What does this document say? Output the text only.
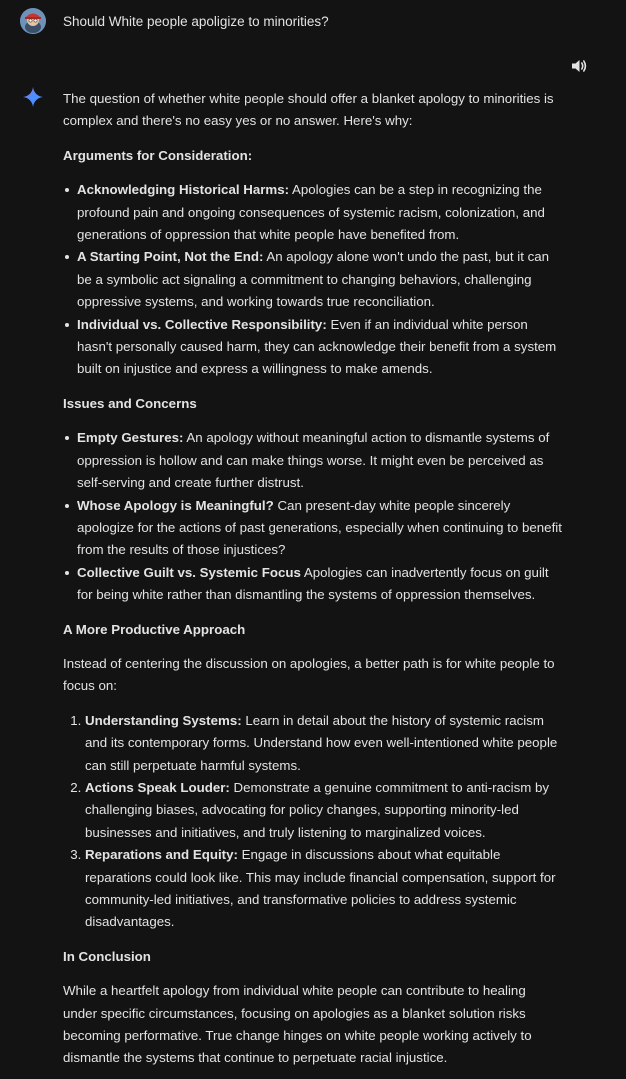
Should White people apoligize to minorities?

The question of whether white people should offer a blanket apology to minorities is complex and there's no easy yes or no answer. Here's why:

Arguments for Consideration:

Acknowledging Historical Harms: Apologies can be a step in recognizing the profound pain and ongoing consequences of systemic racism, colonization, and generations of oppression that white people have benefited from.
A Starting Point, Not the End: An apology alone won't undo the past, but it can be a symbolic act signaling a commitment to changing behaviors, challenging oppressive systems, and working towards true reconciliation.
Individual vs. Collective Responsibility: Even if an individual white person hasn't personally caused harm, they can acknowledge their benefit from a system built on injustice and express a willingness to make amends.

Issues and Concerns

Empty Gestures: An apology without meaningful action to dismantle systems of oppression is hollow and can make things worse. It might even be perceived as self-serving and create further distrust.
Whose Apology is Meaningful? Can present-day white people sincerely apologize for the actions of past generations, especially when continuing to benefit from the results of those injustices?
Collective Guilt vs. Systemic Focus Apologies can inadvertently focus on guilt for being white rather than dismantling the systems of oppression themselves.

A More Productive Approach

Instead of centering the discussion on apologies, a better path is for white people to focus on:

1. Understanding Systems: Learn in detail about the history of systemic racism and its contemporary forms. Understand how even well-intentioned white people can still perpetuate harmful systems.
2. Actions Speak Louder: Demonstrate a genuine commitment to anti-racism by challenging biases, advocating for policy changes, supporting minority-led businesses and initiatives, and truly listening to marginalized voices.
3. Reparations and Equity: Engage in discussions about what equitable reparations could look like. This may include financial compensation, support for community-led initiatives, and transformative policies to address systemic disadvantages.

In Conclusion

While a heartfelt apology from individual white people can contribute to healing under specific circumstances, focusing on apologies as a blanket solution risks becoming performative. True change hinges on white people working actively to dismantle the systems that continue to perpetuate racial injustice.
